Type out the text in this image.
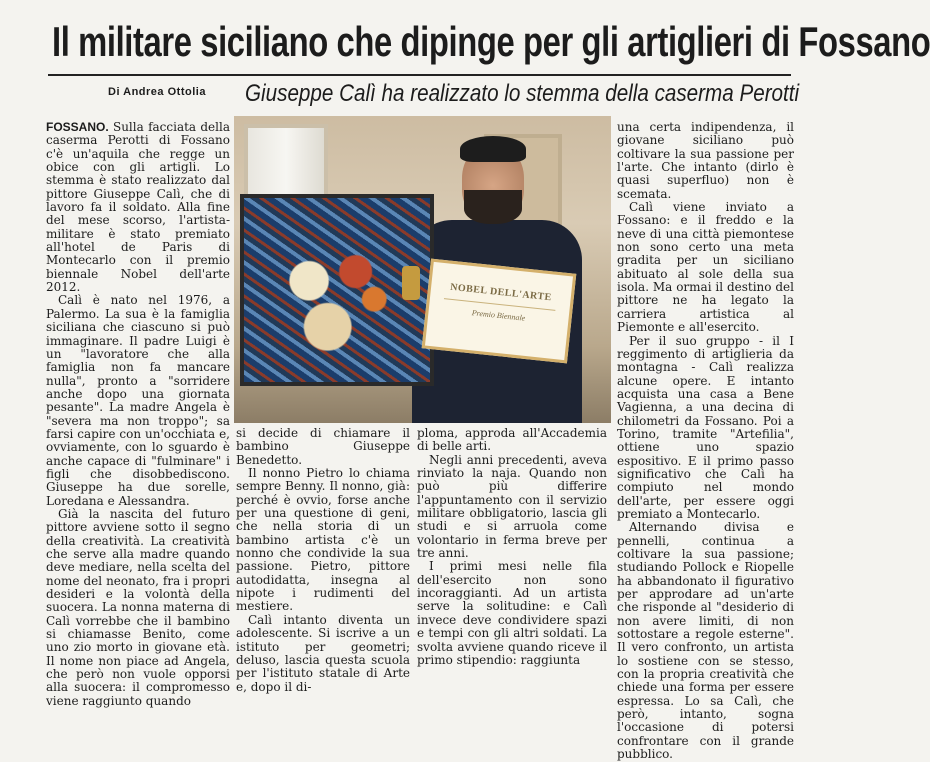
Il militare siciliano che dipinge per gli artiglieri di Fossano
Di Andrea Ottolia Giuseppe Calì ha realizzato lo stemma della caserma Perotti
NOBEL DELL'ARTE
Premio Biennale

FOSSANO. Sulla facciata della caserma Perotti di Fossano c'è un'aquila che regge un obice con gli artigli. Lo stemma è stato realizzato dal pittore Giuseppe Calì, che di lavoro fa il soldato. Alla fine del mese scorso, l'artista-militare è stato premiato all'hotel de Paris di Montecarlo con il premio biennale Nobel dell'arte 2012.

Calì è nato nel 1976, a Palermo. La sua è la famiglia siciliana che ciascuno si può immaginare. Il padre Luigi è un "lavoratore che alla famiglia non fa mancare nulla", pronto a "sorridere anche dopo una giornata pesante". La madre Angela è "severa ma non troppo"; sa farsi capire con un'occhiata e, ovviamente, con lo sguardo è anche capace di "fulminare" i figli che disobbediscono. Giuseppe ha due sorelle, Loredana e Alessandra.

Già la nascita del futuro pittore avviene sotto il segno della creatività. La creatività che serve alla madre quando deve mediare, nella scelta del nome del neonato, fra i propri desideri e la volontà della suocera. La nonna materna di Calì vorrebbe che il bambino si chiamasse Benito, come uno zio morto in giovane età. Il nome non piace ad Angela, che però non vuole opporsi alla suocera: il compromesso viene raggiunto quando

si decide di chiamare il bambino Giuseppe Benedetto.

Il nonno Pietro lo chiama sempre Benny. Il nonno, già: perché è ovvio, forse anche per una questione di geni, che nella storia di un bambino artista c'è un nonno che condivide la sua passione. Pietro, pittore autodidatta, insegna al nipote i rudimenti del mestiere.

Calì intanto diventa un adolescente. Si iscrive a un istituto per geometri; deluso, lascia questa scuola per l'istituto statale di Arte e, dopo il di-

ploma, approda all'Accademia di belle arti.

Negli anni precedenti, aveva rinviato la naja. Quando non può più differire l'appuntamento con il servizio militare obbligatorio, lascia gli studi e si arruola come volontario in ferma breve per tre anni.

I primi mesi nelle fila dell'esercito non sono incoraggianti. Ad un artista serve la solitudine: e Calì invece deve condividere spazi e tempi con gli altri soldati. La svolta avviene quando riceve il primo stipendio: raggiunta

una certa indipendenza, il giovane siciliano può coltivare la sua passione per l'arte. Che intanto (dirlo è quasi superfluo) non è scemata.

Calì viene inviato a Fossano: e il freddo e la neve di una città piemontese non sono certo una meta gradita per un siciliano abituato al sole della sua isola. Ma ormai il destino del pittore ne ha legato la carriera artistica al Piemonte e all'esercito.

Per il suo gruppo - il I reggimento di artiglieria da montagna - Calì realizza alcune opere. E intanto acquista una casa a Bene Vagienna, a una decina di chilometri da Fossano. Poi a Torino, tramite "Artefilia", ottiene uno spazio espositivo. E il primo passo significativo che Calì ha compiuto nel mondo dell'arte, per essere oggi premiato a Montecarlo.

Alternando divisa e pennelli, continua a coltivare la sua passione; studiando Pollock e Riopelle ha abbandonato il figurativo per approdare ad un'arte che risponde al "desiderio di non avere limiti, di non sottostare a regole esterne". Il vero confronto, un artista lo sostiene con se stesso, con la propria creatività che chiede una forma per essere espressa. Lo sa Calì, che però, intanto, sogna l'occasione di potersi confrontare con il grande pubblico.
